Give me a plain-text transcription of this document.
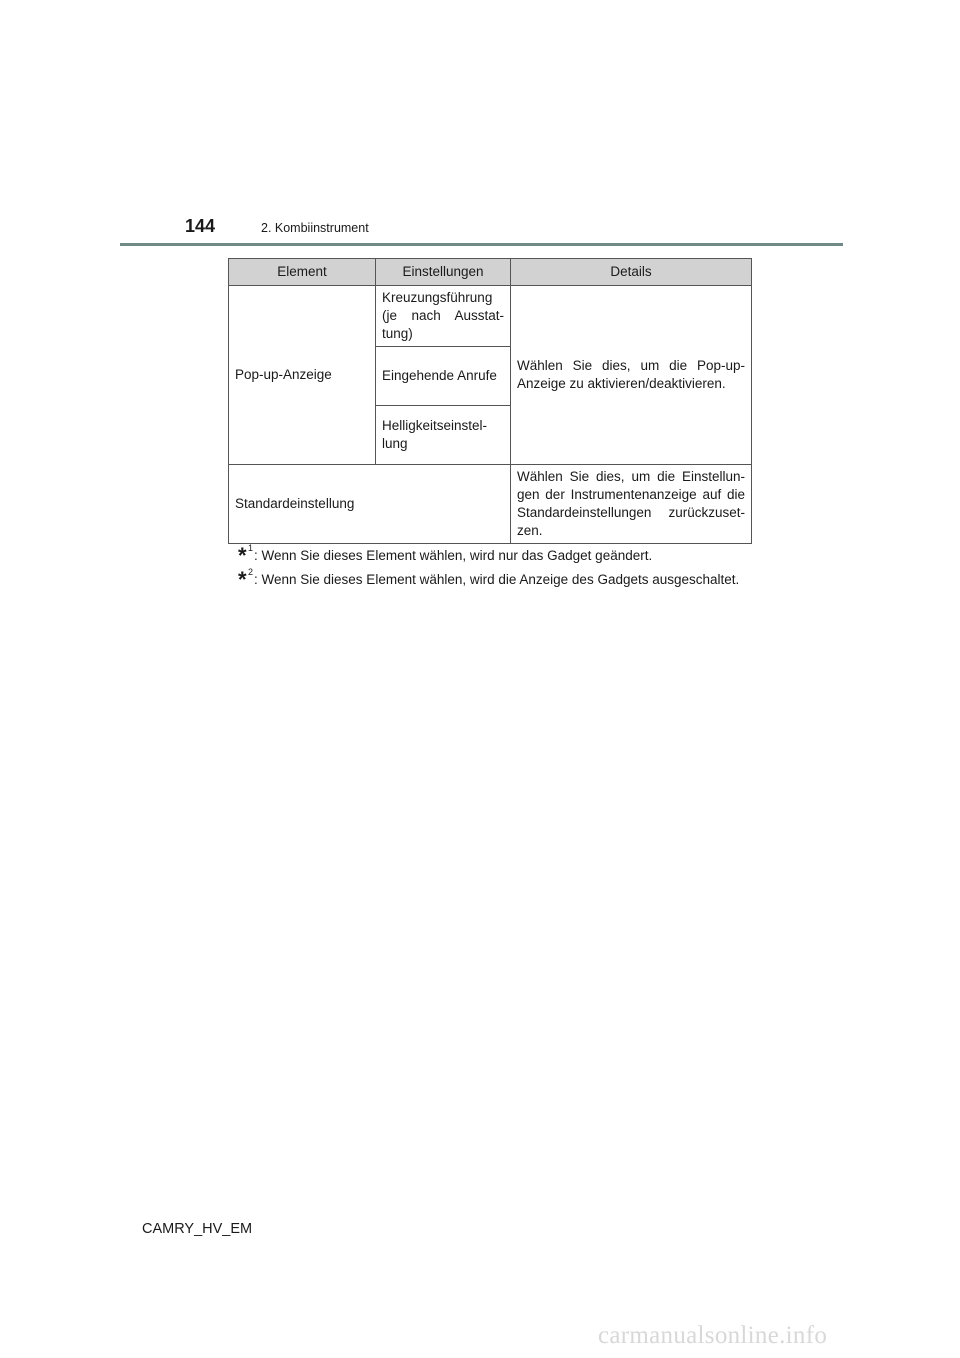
144	2. Kombiinstrument
Element	Einstellungen	Details
Pop-up-Anzeige	Kreuzungsführung (je nach Ausstat-tung)	Wählen Sie dies, um die Pop-up-Anzeige zu aktivieren/deaktivieren.
	Eingehende Anrufe	
	Helligkeitseinstel-lung	
Standardeinstellung		Wählen Sie dies, um die Einstellun-gen der Instrumentenanzeige auf die Standardeinstellungen zurückzuset-zen.
* 1 : Wenn Sie dieses Element wählen, wird nur das Gadget geändert.
* 2 : Wenn Sie dieses Element wählen, wird die Anzeige des Gadgets ausgeschaltet.
CAMRY_HV_EM
carmanualsonline.info
